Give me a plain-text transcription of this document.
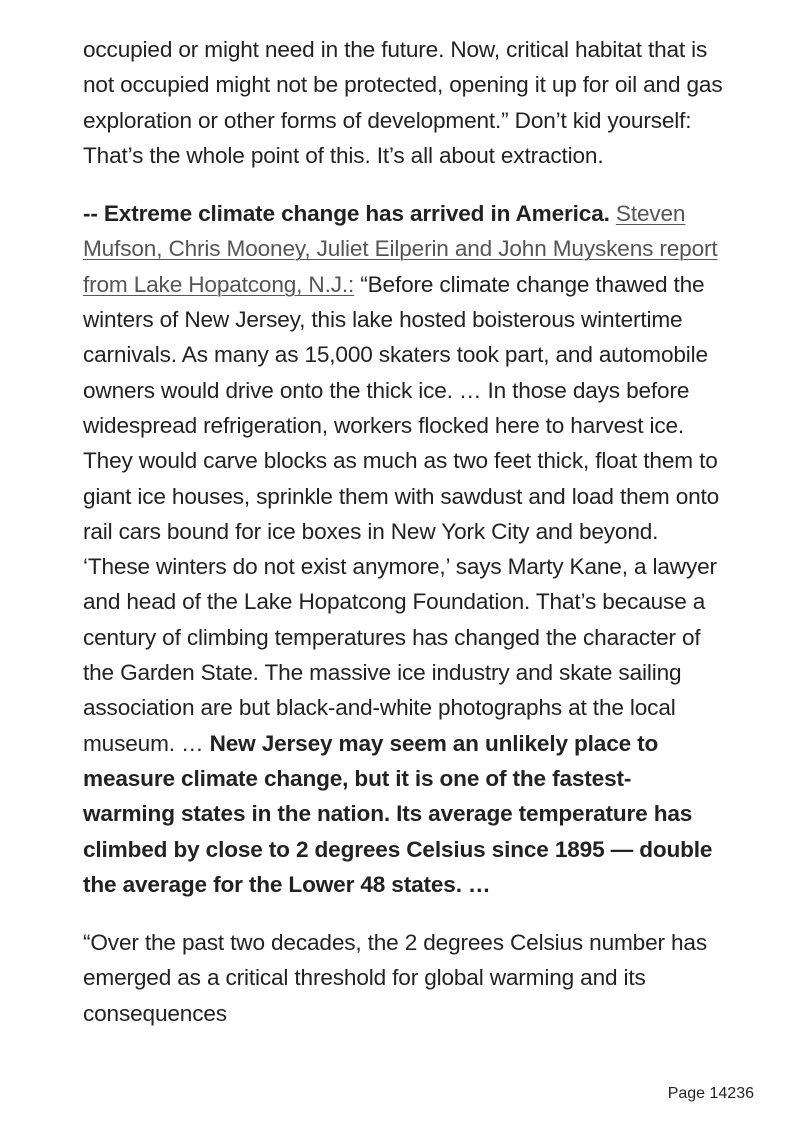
occupied or might need in the future. Now, critical habitat that is not occupied might not be protected, opening it up for oil and gas exploration or other forms of development.” Don’t kid yourself: That’s the whole point of this. It’s all about extraction.

-- Extreme climate change has arrived in America. Steven Mufson, Chris Mooney, Juliet Eilperin and John Muyskens report from Lake Hopatcong, N.J.: “Before climate change thawed the winters of New Jersey, this lake hosted boisterous wintertime carnivals. As many as 15,000 skaters took part, and automobile owners would drive onto the thick ice. … In those days before widespread refrigeration, workers flocked here to harvest ice. They would carve blocks as much as two feet thick, float them to giant ice houses, sprinkle them with sawdust and load them onto rail cars bound for ice boxes in New York City and beyond. ‘These winters do not exist anymore,’ says Marty Kane, a lawyer and head of the Lake Hopatcong Foundation. That’s because a century of climbing temperatures has changed the character of the Garden State. The massive ice industry and skate sailing association are but black-and-white photographs at the local museum. … New Jersey may seem an unlikely place to measure climate change, but it is one of the fastest-warming states in the nation. Its average temperature has climbed by close to 2 degrees Celsius since 1895 — double the average for the Lower 48 states. …

“Over the past two decades, the 2 degrees Celsius number has emerged as a critical threshold for global warming and its consequences

Page 14236
